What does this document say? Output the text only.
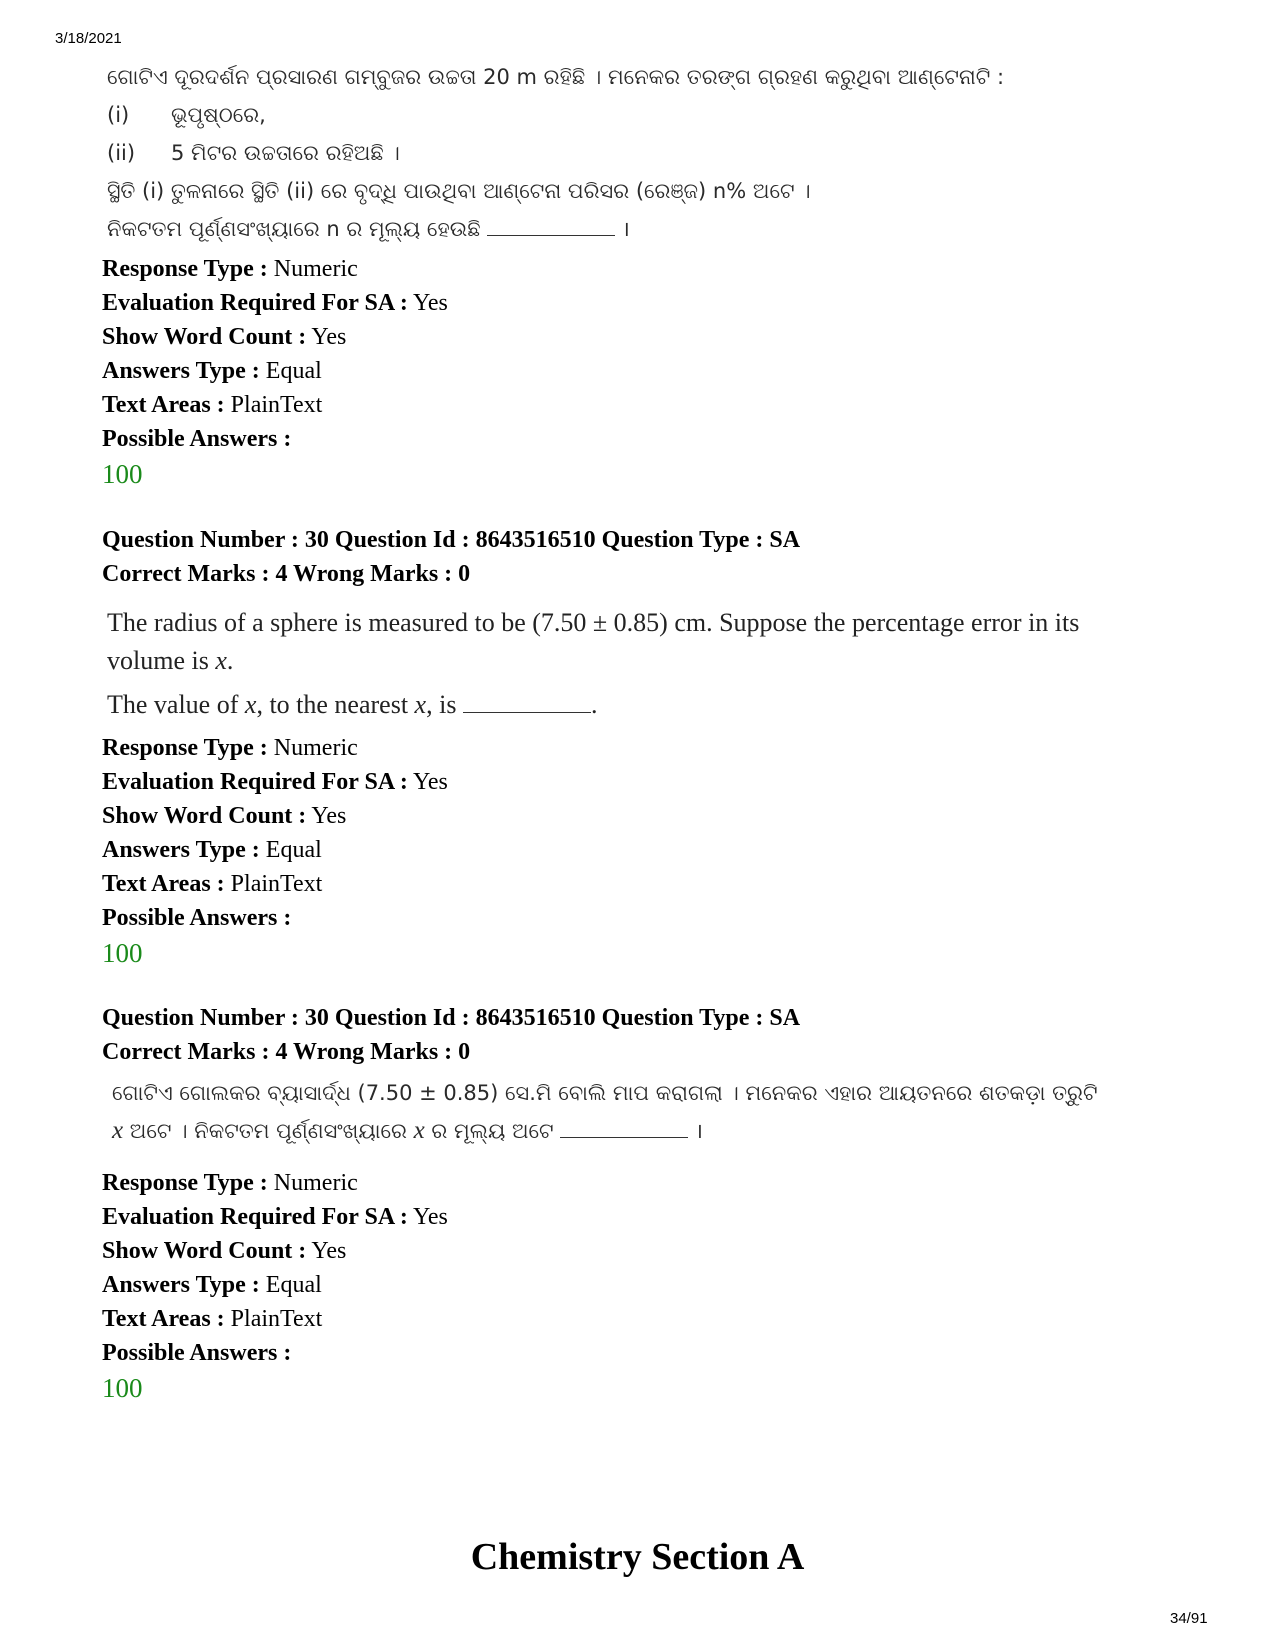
3/18/2021
ଗୋଟିଏ ଦୂରଦର୍ଶନ ପ୍ରସାରଣ ଗମ୍ବୁଜର ଉଚ୍ଚତା 20 m ରହିଛି । ମନେକର ତରଙ୍ଗ ଗ୍ରହଣ କରୁଥିବା ଆଣ୍ଟେନାଟି :
(i) ଭୂପୃଷ୍ଠରେ,
(ii) 5 ମିଟର ଉଚ୍ଚତାରେ ରହିଅଛି ।
ସ୍ଥିତି (i) ତୁଳନାରେ ସ୍ଥିତି (ii) ରେ ବୃଦ୍ଧି ପାଉଥିବା ଆଣ୍ଟେନା ପରିସର (ରେଞ୍ଜ) n% ଅଟେ ।
ନିକଟତମ ପୂର୍ଣ୍ଣସଂଖ୍ୟାରେ n ର ମୂଲ୍ୟ ହେଉଛି	।
Response Type : Numeric
Evaluation Required For SA : Yes
Show Word Count : Yes
Answers Type : Equal
Text Areas : PlainText
Possible Answers :
100
Question Number : 30 Question Id : 8643516510 Question Type : SA
Correct Marks : 4 Wrong Marks : 0
The radius of a sphere is measured to be (7.50 ± 0.85) cm. Suppose the percentage error in its
volume is x.
The value of x, to the nearest x, is	.
Response Type : Numeric
Evaluation Required For SA : Yes
Show Word Count : Yes
Answers Type : Equal
Text Areas : PlainText
Possible Answers :
100
Question Number : 30 Question Id : 8643516510 Question Type : SA
Correct Marks : 4 Wrong Marks : 0
ଗୋଟିଏ ଗୋଲକର ବ୍ୟାସାର୍ଦ୍ଧ (7.50 ± 0.85) ସେ.ମି ବୋଲି ମାପ କରାଗଲା । ମନେକର ଏହାର ଆୟତନରେ ଶତକଡ଼ା ତ୍ରୁଟି
x ଅଟେ । ନିକଟତମ ପୂର୍ଣ୍ଣସଂଖ୍ୟାରେ x ର ମୂଲ୍ୟ ଅଟେ	।
Response Type : Numeric
Evaluation Required For SA : Yes
Show Word Count : Yes
Answers Type : Equal
Text Areas : PlainText
Possible Answers :
100
Chemistry Section A
34/91
